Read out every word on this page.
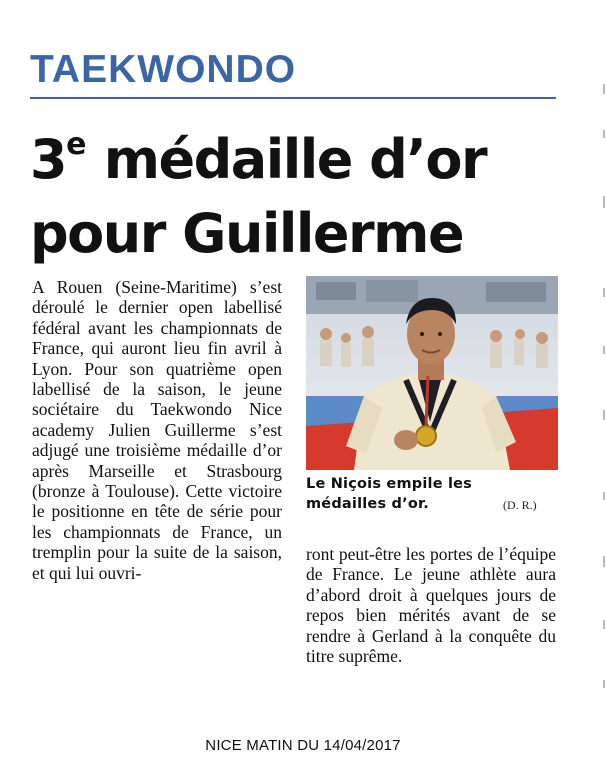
TAEKWONDO
3e médaille d’or
pour Guillerme

A Rouen (Seine-Maritime) s’est déroulé le dernier open labellisé fédéral avant les championnats de France, qui auront lieu fin avril à Lyon. Pour son quatrième open labellisé de la saison, le jeune sociétaire du Taekwondo Nice academy Julien Guillerme s’est adjugé une troisième médaille d’or après Marseille et Strasbourg (bronze à Toulouse). Cette victoire le positionne en tête de série pour les championnats de France, un tremplin pour la suite de la saison, et qui lui ouvri-

Le Niçois empile les médailles d’or.	(D. R.)

ront peut-être les portes de l’équipe de France. Le jeune athlète aura d’abord droit à quelques jours de repos bien mérités avant de se rendre à Gerland à la conquête du titre suprême.

NICE MATIN DU 14/04/2017
